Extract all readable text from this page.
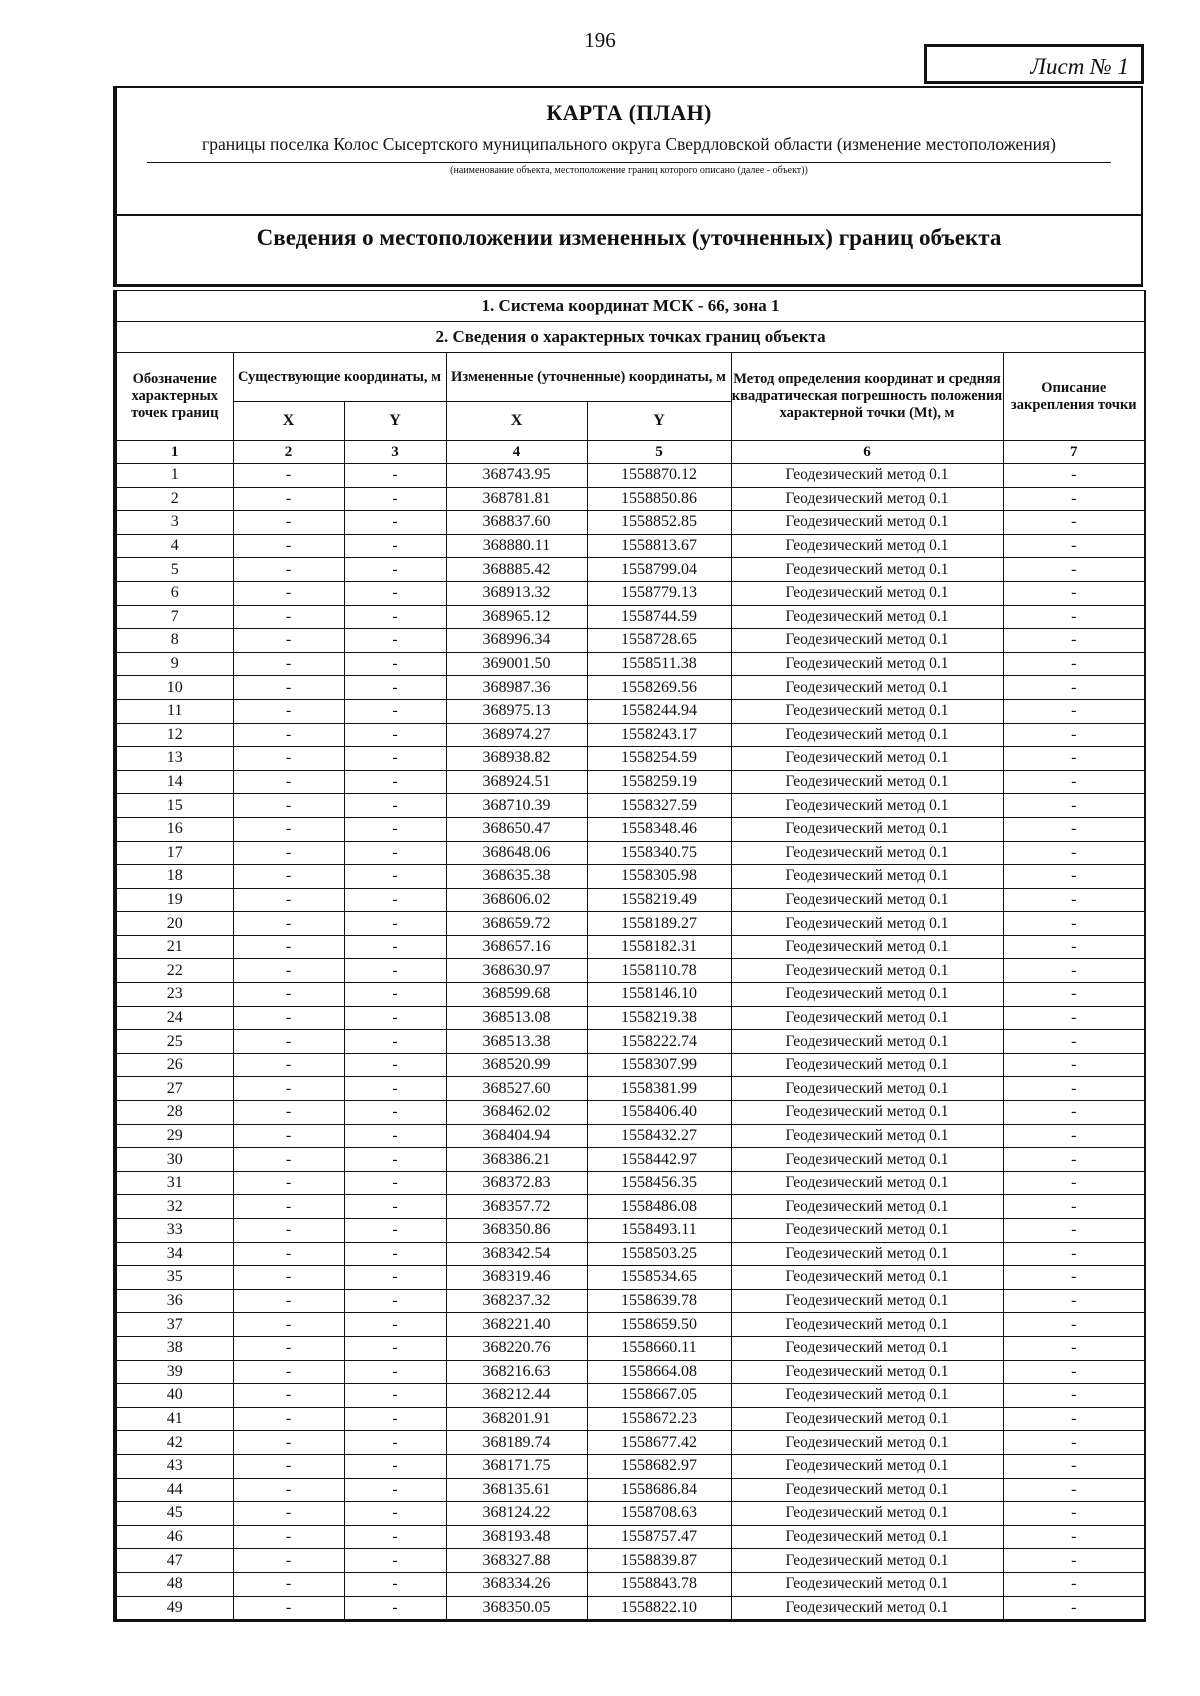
196
Лист № 1
КАРТА (ПЛАН)
границы поселка Колос Сысертского муниципального округа Свердловской области (изменение местоположения)
(наименование объекта, местоположение границ которого описано (далее - объект))
Сведения о местоположении измененных (уточненных) границ объекта
1. Система координат МСК - 66, зона 1						
2. Сведения о характерных точках границ объекта						
Обозначение характерных точек границ	Существующие координаты, м		Измененные (уточненные) координаты, м		Метод определения координат и средняя квадратическая погрешность положения характерной точки (Mt), м	Описание закрепления точки
	X	Y	X	Y		
1	2	3	4	5	6	7
1	-	-	368743.95	1558870.12	Геодезический метод 0.1	-
2	-	-	368781.81	1558850.86	Геодезический метод 0.1	-
3	-	-	368837.60	1558852.85	Геодезический метод 0.1	-
4	-	-	368880.11	1558813.67	Геодезический метод 0.1	-
5	-	-	368885.42	1558799.04	Геодезический метод 0.1	-
6	-	-	368913.32	1558779.13	Геодезический метод 0.1	-
7	-	-	368965.12	1558744.59	Геодезический метод 0.1	-
8	-	-	368996.34	1558728.65	Геодезический метод 0.1	-
9	-	-	369001.50	1558511.38	Геодезический метод 0.1	-
10	-	-	368987.36	1558269.56	Геодезический метод 0.1	-
11	-	-	368975.13	1558244.94	Геодезический метод 0.1	-
12	-	-	368974.27	1558243.17	Геодезический метод 0.1	-
13	-	-	368938.82	1558254.59	Геодезический метод 0.1	-
14	-	-	368924.51	1558259.19	Геодезический метод 0.1	-
15	-	-	368710.39	1558327.59	Геодезический метод 0.1	-
16	-	-	368650.47	1558348.46	Геодезический метод 0.1	-
17	-	-	368648.06	1558340.75	Геодезический метод 0.1	-
18	-	-	368635.38	1558305.98	Геодезический метод 0.1	-
19	-	-	368606.02	1558219.49	Геодезический метод 0.1	-
20	-	-	368659.72	1558189.27	Геодезический метод 0.1	-
21	-	-	368657.16	1558182.31	Геодезический метод 0.1	-
22	-	-	368630.97	1558110.78	Геодезический метод 0.1	-
23	-	-	368599.68	1558146.10	Геодезический метод 0.1	-
24	-	-	368513.08	1558219.38	Геодезический метод 0.1	-
25	-	-	368513.38	1558222.74	Геодезический метод 0.1	-
26	-	-	368520.99	1558307.99	Геодезический метод 0.1	-
27	-	-	368527.60	1558381.99	Геодезический метод 0.1	-
28	-	-	368462.02	1558406.40	Геодезический метод 0.1	-
29	-	-	368404.94	1558432.27	Геодезический метод 0.1	-
30	-	-	368386.21	1558442.97	Геодезический метод 0.1	-
31	-	-	368372.83	1558456.35	Геодезический метод 0.1	-
32	-	-	368357.72	1558486.08	Геодезический метод 0.1	-
33	-	-	368350.86	1558493.11	Геодезический метод 0.1	-
34	-	-	368342.54	1558503.25	Геодезический метод 0.1	-
35	-	-	368319.46	1558534.65	Геодезический метод 0.1	-
36	-	-	368237.32	1558639.78	Геодезический метод 0.1	-
37	-	-	368221.40	1558659.50	Геодезический метод 0.1	-
38	-	-	368220.76	1558660.11	Геодезический метод 0.1	-
39	-	-	368216.63	1558664.08	Геодезический метод 0.1	-
40	-	-	368212.44	1558667.05	Геодезический метод 0.1	-
41	-	-	368201.91	1558672.23	Геодезический метод 0.1	-
42	-	-	368189.74	1558677.42	Геодезический метод 0.1	-
43	-	-	368171.75	1558682.97	Геодезический метод 0.1	-
44	-	-	368135.61	1558686.84	Геодезический метод 0.1	-
45	-	-	368124.22	1558708.63	Геодезический метод 0.1	-
46	-	-	368193.48	1558757.47	Геодезический метод 0.1	-
47	-	-	368327.88	1558839.87	Геодезический метод 0.1	-
48	-	-	368334.26	1558843.78	Геодезический метод 0.1	-
49	-	-	368350.05	1558822.10	Геодезический метод 0.1	-
